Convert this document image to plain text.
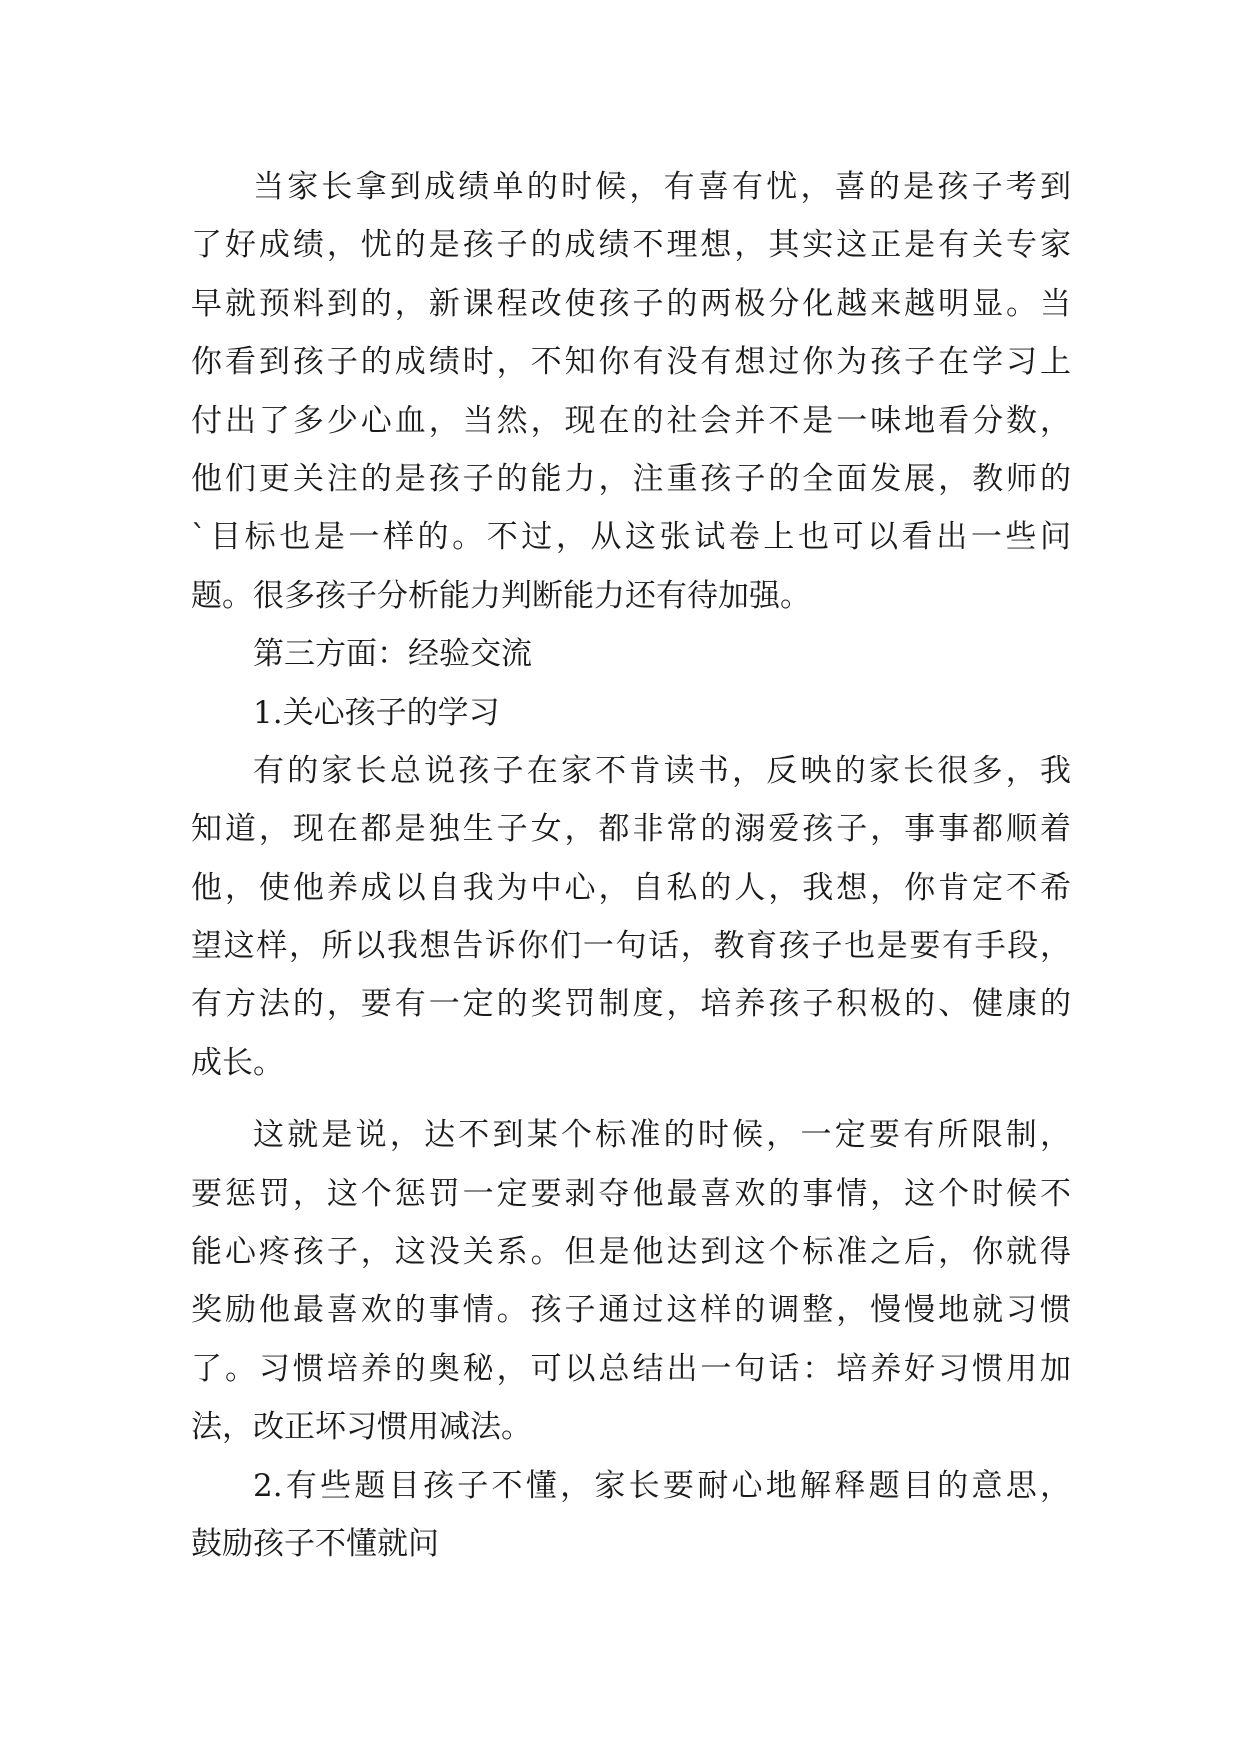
当家长拿到成绩单的时候，有喜有忧，喜的是孩子考到
了好成绩，忧的是孩子的成绩不理想，其实这正是有关专家
早就预料到的，新课程改使孩子的两极分化越来越明显。当
你看到孩子的成绩时，不知你有没有想过你为孩子在学习上
付出了多少心血，当然，现在的社会并不是一味地看分数，
他们更关注的是孩子的能力，注重孩子的全面发展，教师的
`目标也是一样的。不过，从这张试卷上也可以看出一些问
题。很多孩子分析能力判断能力还有待加强。
第三方面：经验交流
1.关心孩子的学习
有的家长总说孩子在家不肯读书，反映的家长很多，我
知道，现在都是独生子女，都非常的溺爱孩子，事事都顺着
他，使他养成以自我为中心，自私的人，我想，你肯定不希
望这样，所以我想告诉你们一句话，教育孩子也是要有手段，
有方法的，要有一定的奖罚制度，培养孩子积极的、健康的
成长。
这就是说，达不到某个标准的时候，一定要有所限制，
要惩罚，这个惩罚一定要剥夺他最喜欢的事情，这个时候不
能心疼孩子，这没关系。但是他达到这个标准之后，你就得
奖励他最喜欢的事情。孩子通过这样的调整，慢慢地就习惯
了。习惯培养的奥秘，可以总结出一句话：培养好习惯用加
法，改正坏习惯用减法。
2.有些题目孩子不懂，家长要耐心地解释题目的意思，
鼓励孩子不懂就问
